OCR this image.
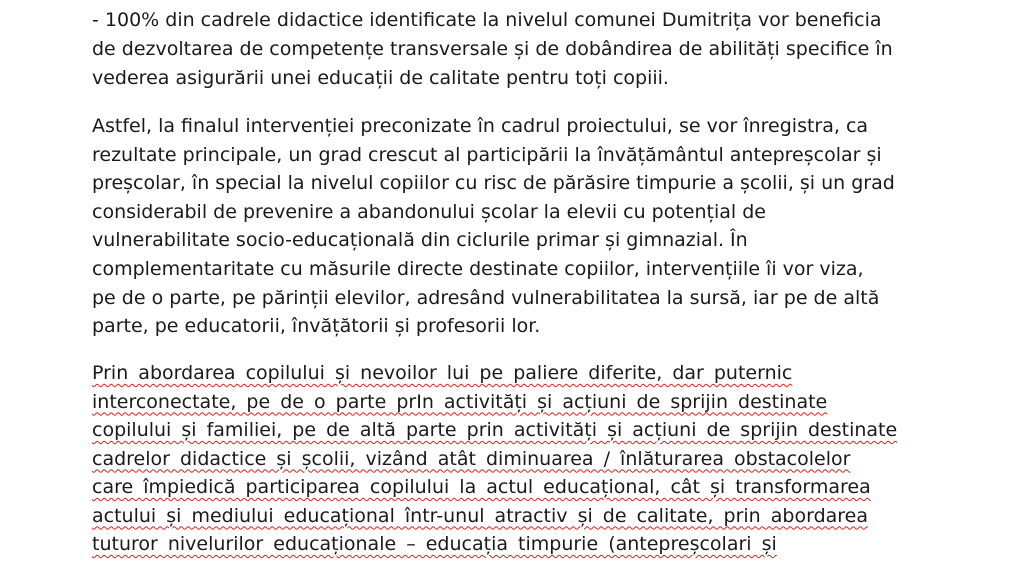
- 100% din cadrele didactice identificate la nivelul comunei Dumitrița vor beneficia
de dezvoltarea de competențe transversale și de dobândirea de abilități specifice în
vederea asigurării unei educații de calitate pentru toți copiii.
Astfel, la finalul intervenției preconizate în cadrul proiectului, se vor înregistra, ca
rezultate principale, un grad crescut al participării la învățământul antepreșcolar și
preșcolar, în special la nivelul copiilor cu risc de părăsire timpurie a școlii, și un grad
considerabil de prevenire a abandonului școlar la elevii cu potențial de
vulnerabilitate socio-educațională din ciclurile primar și gimnazial. În
complementaritate cu măsurile directe destinate copiilor, intervențiile îi vor viza,
pe de o parte, pe părinții elevilor, adresând vulnerabilitatea la sursă, iar pe de altă
parte, pe educatorii, învățătorii și profesorii lor.
Prin abordarea copilului și nevoilor lui pe paliere diferite, dar puternic
interconectate, pe de o parte prIn activități și acțiuni de sprijin destinate
copilului și familiei, pe de altă parte prin activități și acțiuni de sprijin destinate
cadrelor didactice și școlii, vizând atât diminuarea / înlăturarea obstacolelor
care împiedică participarea copilului la actul educațional, cât și transformarea
actului și mediului educațional într-unul atractiv și de calitate, prin abordarea
tuturor nivelurilor educaționale – educația timpurie (antepreșcolari și
